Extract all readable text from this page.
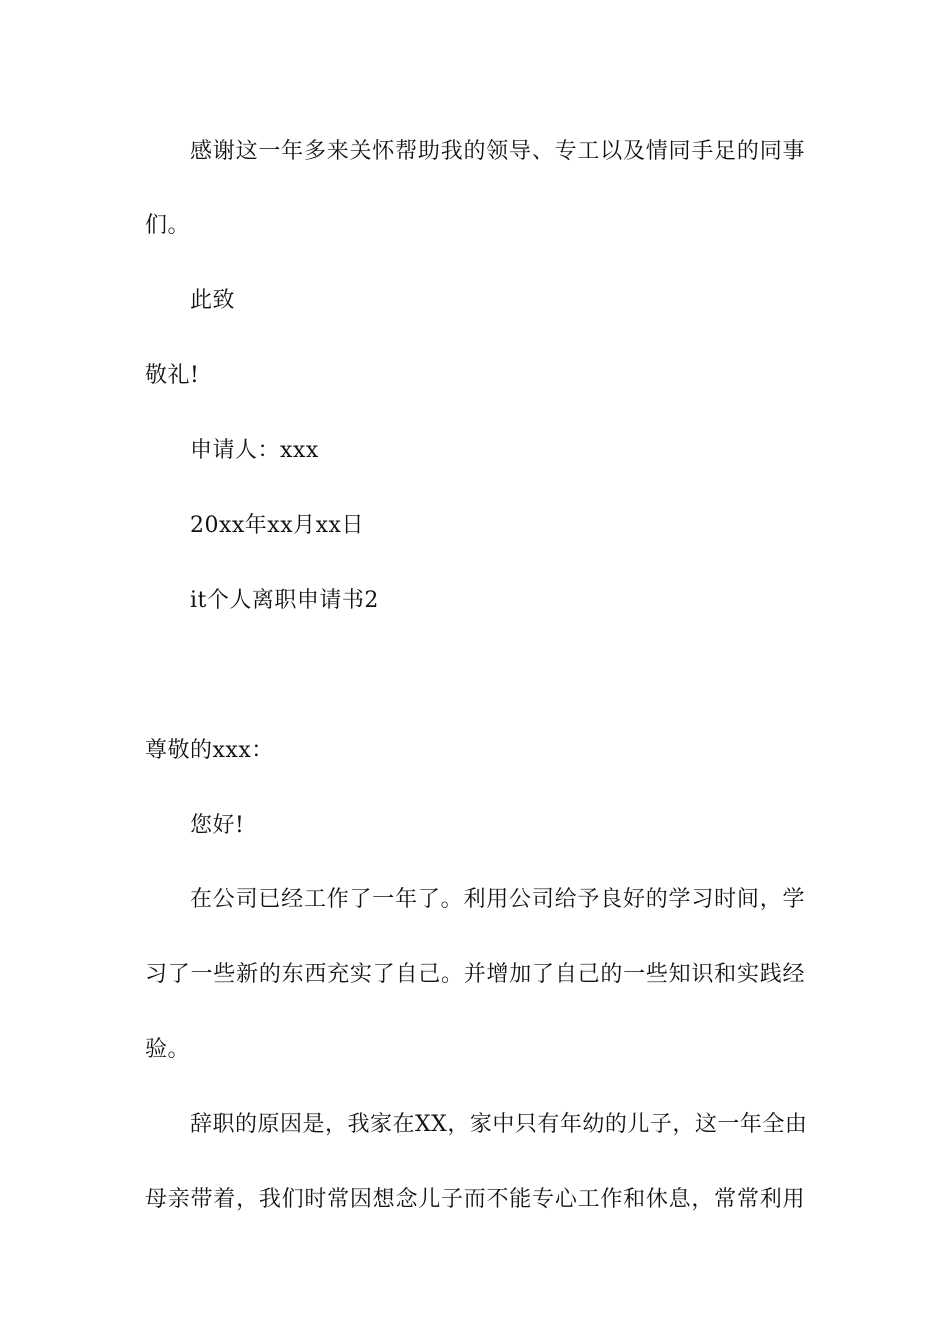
感谢这一年多来关怀帮助我的领导、专工以及情同手足的同事
们。
此致
敬礼!
申请人：xxx
20xx年xx月xx日
it个人离职申请书2
尊敬的xxx：
您好!
在公司已经工作了一年了。利用公司给予良好的学习时间，学
习了一些新的东西充实了自己。并增加了自己的一些知识和实践经
验。
辞职的原因是，我家在XX，家中只有年幼的儿子，这一年全由
母亲带着，我们时常因想念儿子而不能专心工作和休息，常常利用
